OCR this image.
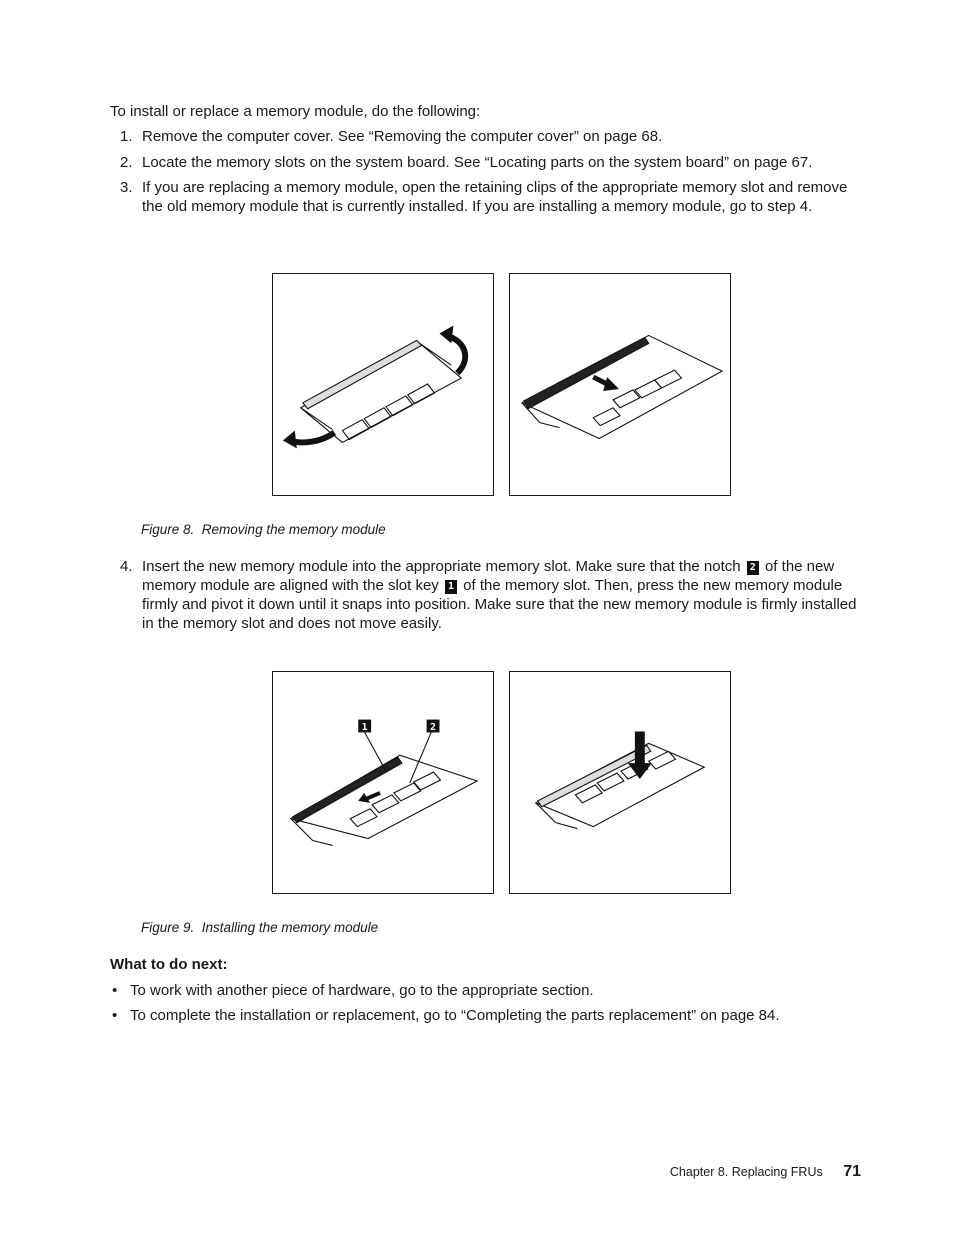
To install or replace a memory module, do the following:
1. Remove the computer cover. See “Removing the computer cover” on page 68.
2. Locate the memory slots on the system board. See “Locating parts on the system board” on page 67.
3. If you are replacing a memory module, open the retaining clips of the appropriate memory slot and remove the old memory module that is currently installed. If you are installing a memory module, go to step 4.
Figure 8. Removing the memory module
4. Insert the new memory module into the appropriate memory slot. Make sure that the notch 2 of the new memory module are aligned with the slot key 1 of the memory slot. Then, press the new memory module firmly and pivot it down until it snaps into position. Make sure that the new memory module is firmly installed in the memory slot and does not move easily.
1	2
Figure 9. Installing the memory module
What to do next:
• To work with another piece of hardware, go to the appropriate section.
• To complete the installation or replacement, go to “Completing the parts replacement” on page 84.
Chapter 8. Replacing FRUs 71
